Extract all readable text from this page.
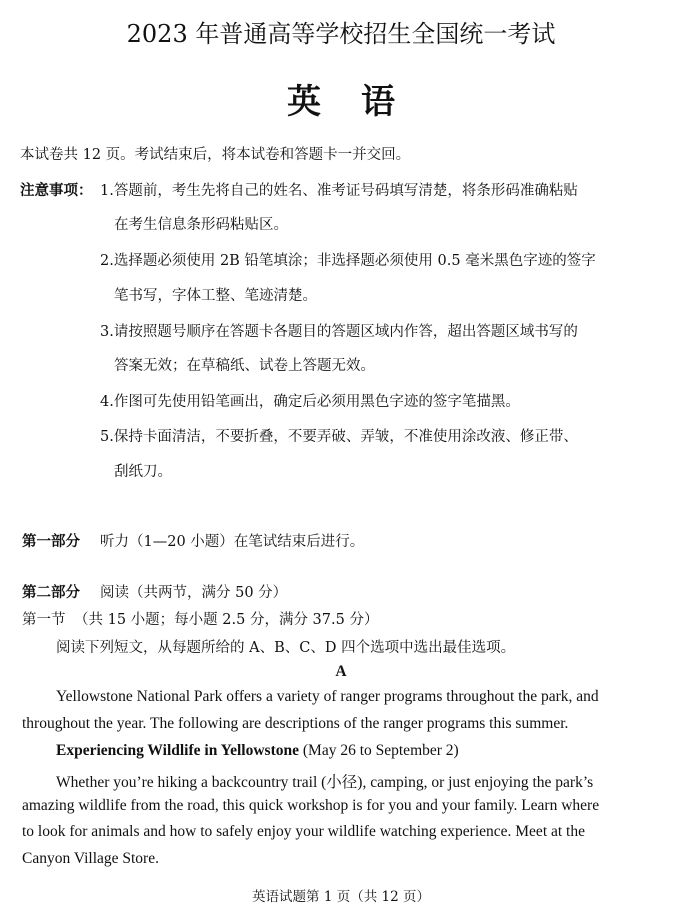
2023 年普通高等学校招生全国统一考试
英语
本试卷共 12 页。考试结束后，将本试卷和答题卡一并交回。
注意事项： 1.答题前，考生先将自己的姓名、准考证号码填写清楚，将条形码准确粘贴
在考生信息条形码粘贴区。
2.选择题必须使用 2B 铅笔填涂；非选择题必须使用 0.5 毫米黑色字迹的签字
笔书写，字体工整、笔迹清楚。
3.请按照题号顺序在答题卡各题目的答题区域内作答，超出答题区域书写的
答案无效；在草稿纸、试卷上答题无效。
4.作图可先使用铅笔画出，确定后必须用黑色字迹的签字笔描黑。
5.保持卡面清洁，不要折叠，不要弄破、弄皱，不准使用涂改液、修正带、
刮纸刀。
第一部分 听力（1—20 小题）在笔试结束后进行。
第二部分 阅读（共两节，满分 50 分）
第一节 （共 15 小题；每小题 2.5 分，满分 37.5 分）
阅读下列短文，从每题所给的 A、B、C、D 四个选项中选出最佳选项。
A
Yellowstone National Park offers a variety of ranger programs throughout the park, and
throughout the year. The following are descriptions of the ranger programs this summer.
Experiencing Wildlife in Yellowstone (May 26 to September 2)
Whether you’re hiking a backcountry trail (小径), camping, or just enjoying the park’s
amazing wildlife from the road, this quick workshop is for you and your family. Learn where
to look for animals and how to safely enjoy your wildlife watching experience. Meet at the
Canyon Village Store.
英语试题第 1 页（共 12 页）
